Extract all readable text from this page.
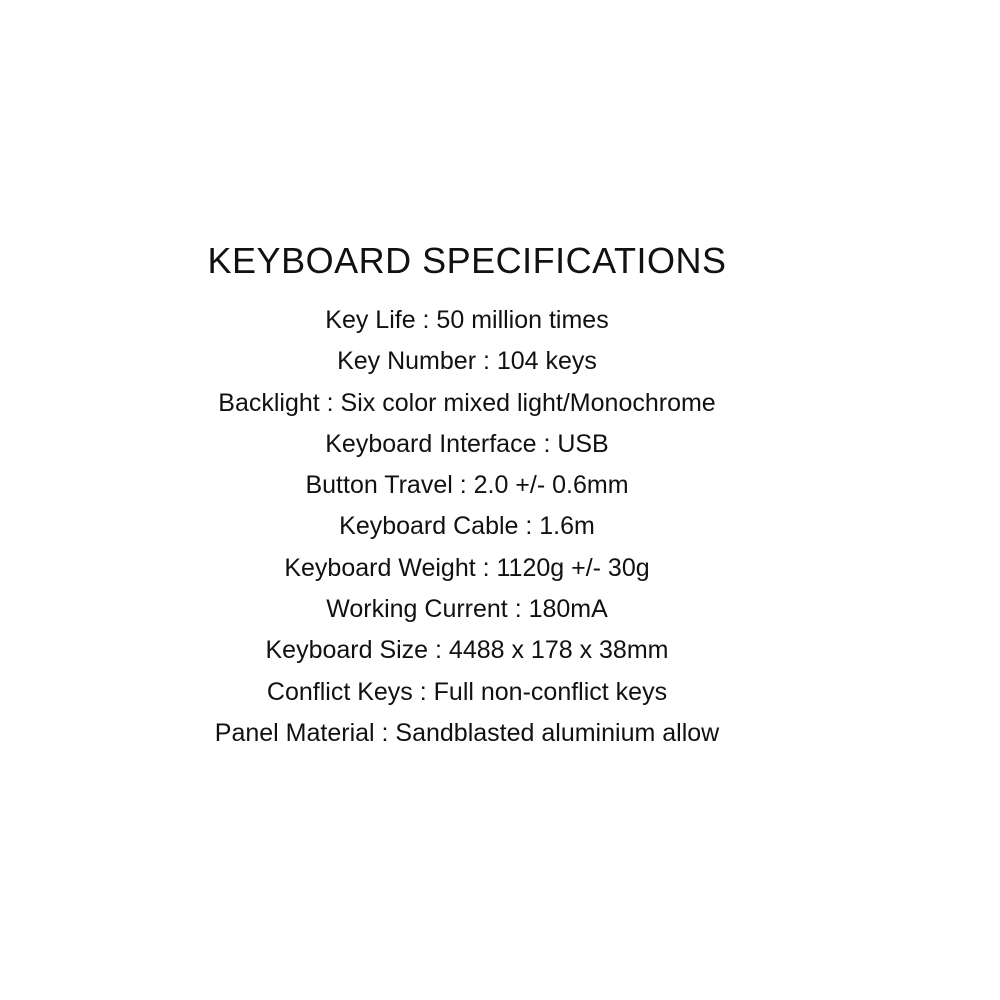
KEYBOARD SPECIFICATIONS
Key Life : 50 million times
Key Number : 104 keys
Backlight : Six color mixed light/Monochrome
Keyboard Interface : USB
Button Travel : 2.0 +/- 0.6mm
Keyboard Cable : 1.6m
Keyboard Weight : 1120g +/- 30g
Working Current : 180mA
Keyboard Size : 4488 x 178 x 38mm
Conflict Keys : Full non-conflict keys
Panel Material : Sandblasted aluminium allow
